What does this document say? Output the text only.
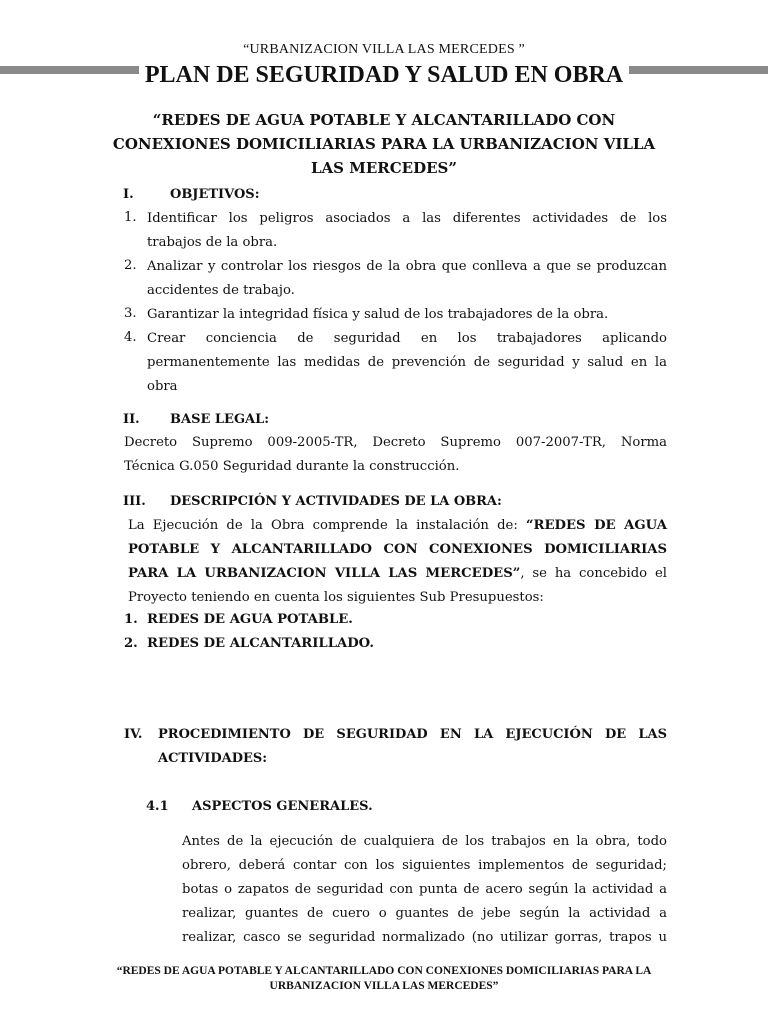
“URBANIZACION VILLA LAS MERCEDES ”
PLAN DE SEGURIDAD Y SALUD EN OBRA
“REDES DE AGUA POTABLE Y ALCANTARILLADO CON
CONEXIONES DOMICILIARIAS PARA LA URBANIZACION VILLA
LAS MERCEDES”
I.	OBJETIVOS:
1. Identificar los peligros asociados a las diferentes actividades de los
trabajos de la obra.
2. Analizar y controlar los riesgos de la obra que conlleva a que se produzcan
accidentes de trabajo.
3. Garantizar la integridad física y salud de los trabajadores de la obra.
4. Crear conciencia de seguridad en los trabajadores aplicando
permanentemente las medidas de prevención de seguridad y salud en la
obra
II. BASE LEGAL:
Decreto Supremo 009-2005-TR, Decreto Supremo 007-2007-TR, Norma
Técnica G.050 Seguridad durante la construcción.
III. DESCRIPCIÓN Y ACTIVIDADES DE LA OBRA:
La Ejecución de la Obra comprende la instalación de: “REDES DE AGUA
POTABLE Y ALCANTARILLADO CON CONEXIONES DOMICILIARIAS
PARA LA URBANIZACION VILLA LAS MERCEDES”, se ha concebido el
Proyecto teniendo en cuenta los siguientes Sub Presupuestos:
1. REDES DE AGUA POTABLE.
2. REDES DE ALCANTARILLADO.
IV. PROCEDIMIENTO DE SEGURIDAD EN LA EJECUCIÓN DE LAS
ACTIVIDADES:
4.1 ASPECTOS GENERALES.
Antes de la ejecución de cualquiera de los trabajos en la obra, todo
obrero, deberá contar con los siguientes implementos de seguridad;
botas o zapatos de seguridad con punta de acero según la actividad a
realizar, guantes de cuero o guantes de jebe según la actividad a
realizar, casco se seguridad normalizado (no utilizar gorras, trapos u
“REDES DE AGUA POTABLE Y ALCANTARILLADO CON CONEXIONES DOMICILIARIAS PARA LA
URBANIZACION VILLA LAS MERCEDES”
